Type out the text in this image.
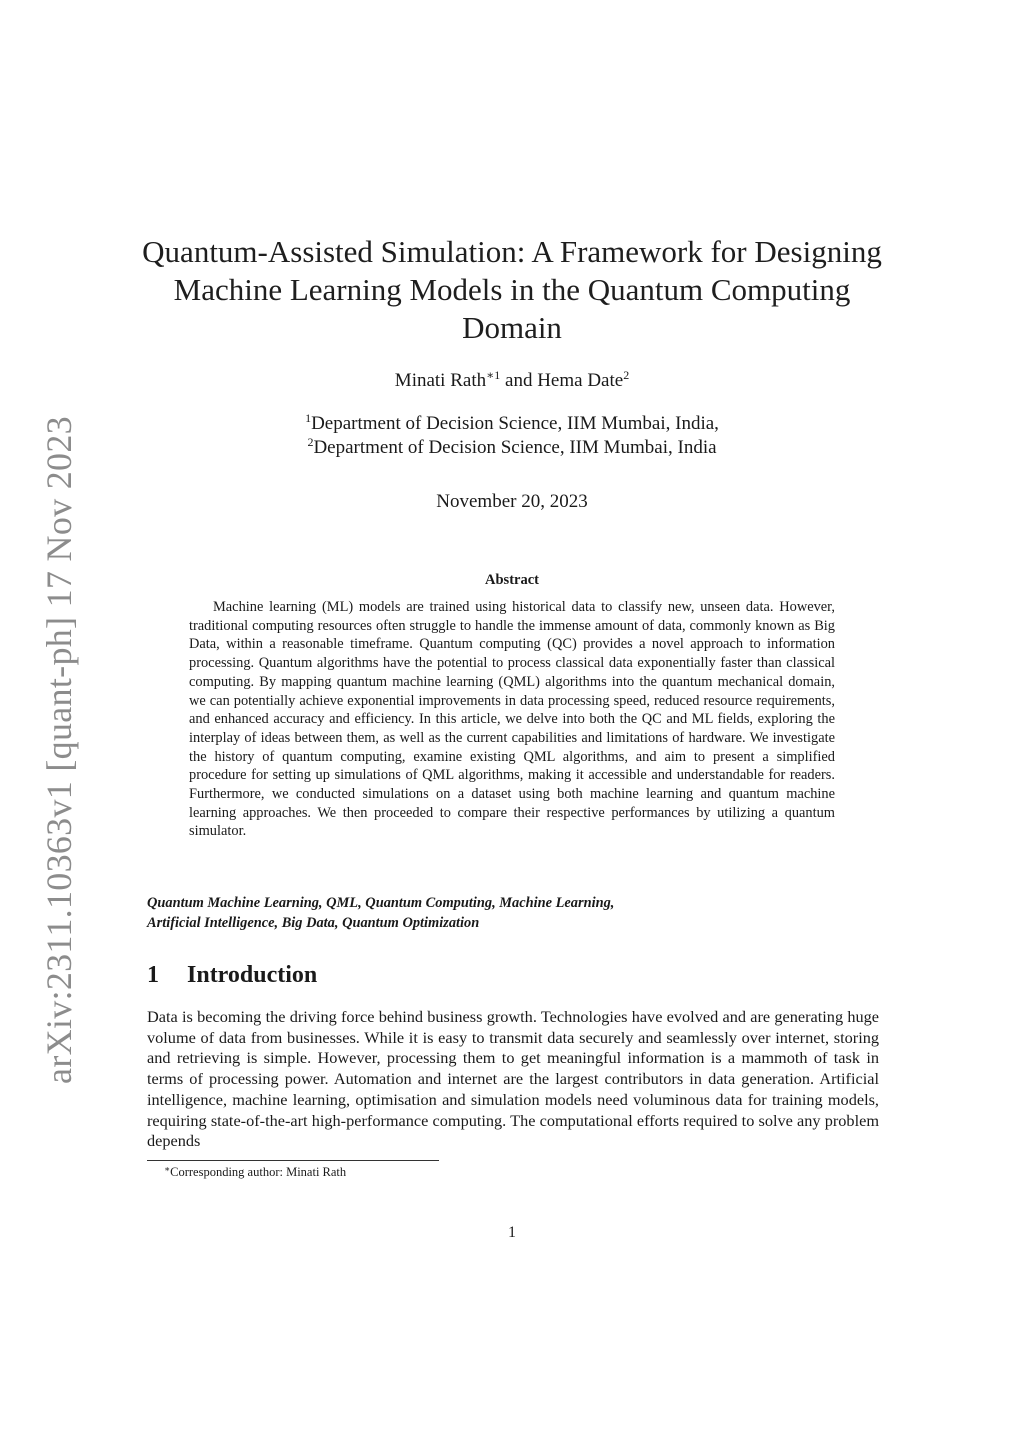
arXiv:2311.10363v1 [quant-ph] 17 Nov 2023
Quantum-Assisted Simulation: A Framework for Designing
Machine Learning Models in the Quantum Computing
Domain
Minati Rath$^{∗1}$ and Hema Date$^2$
$^1$Department of Decision Science, IIM Mumbai, India,
$^2$Department of Decision Science, IIM Mumbai, India
November 20, 2023
Abstract
Machine learning (ML) models are trained using historical data to classify new, unseen data. However, traditional computing resources often struggle to handle the immense amount of data, commonly known as Big Data, within a reasonable timeframe. Quantum computing (QC) provides a novel approach to information processing. Quantum algorithms have the potential to process classical data exponentially faster than classical computing. By mapping quantum machine learning (QML) algorithms into the quantum mechanical domain, we can potentially achieve exponential improvements in data processing speed, reduced resource requirements, and enhanced accuracy and efficiency. In this article, we delve into both the QC and ML fields, exploring the interplay of ideas between them, as well as the current capabilities and limitations of hardware. We investigate the history of quantum computing, examine existing QML algorithms, and aim to present a simplified procedure for setting up simulations of QML algorithms, making it accessible and understandable for readers. Furthermore, we conducted simulations on a dataset using both machine learning and quantum machine learning approaches. We then proceeded to compare their respective performances by utilizing a quantum simulator.
Quantum Machine Learning, QML, Quantum Computing, Machine Learning,
Artificial Intelligence, Big Data, Quantum Optimization
1 Introduction
Data is becoming the driving force behind business growth. Technologies have evolved and are generating huge volume of data from businesses. While it is easy to transmit data securely and seamlessly over internet, storing and retrieving is simple. However, processing them to get meaningful information is a mammoth of task in terms of processing power. Automation and internet are the largest contributors in data generation. Artificial intelligence, machine learning, optimisation and simulation models need voluminous data for training models, requiring state-of-the-art high-performance computing. The computational efforts required to solve any problem depends
∗Corresponding author: Minati Rath
1
